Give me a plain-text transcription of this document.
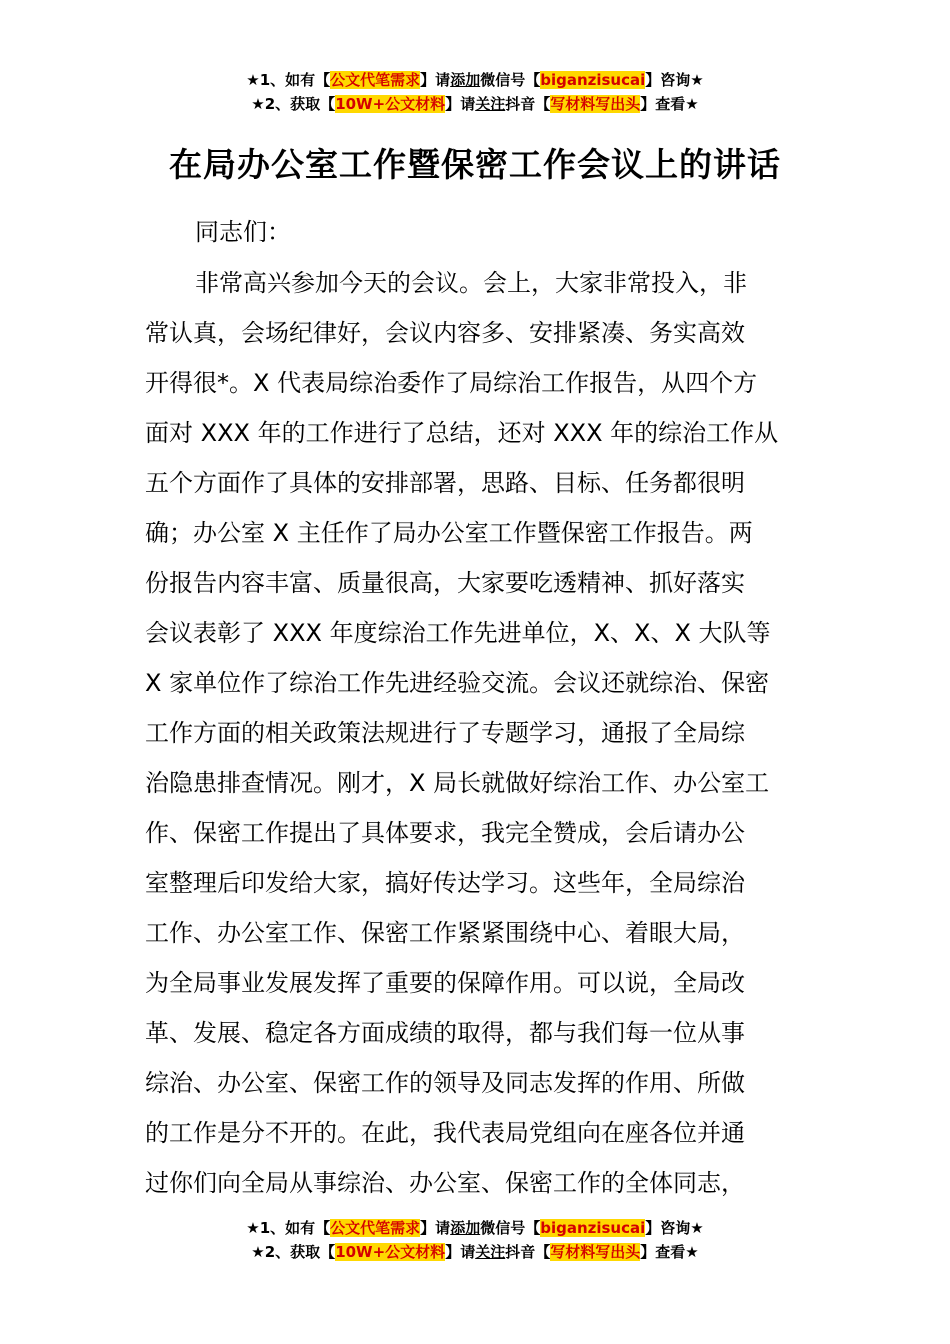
★1、如有【公文代笔需求】请添加微信号【biganzisucai】咨询★
★2、获取【10W+公文材料】请关注抖音【写材料写出头】查看★
在局办公室工作暨保密工作会议上的讲话
同志们：
非常高兴参加今天的会议。会上，大家非常投入，非
常认真，会场纪律好，会议内容多、安排紧凑、务实高效
开得很*。X 代表局综治委作了局综治工作报告，从四个方
面对 XXX 年的工作进行了总结，还对 XXX 年的综治工作从
五个方面作了具体的安排部署，思路、目标、任务都很明
确；办公室 X 主任作了局办公室工作暨保密工作报告。两
份报告内容丰富、质量很高，大家要吃透精神、抓好落实
会议表彰了 XXX 年度综治工作先进单位，X、X、X 大队等
X 家单位作了综治工作先进经验交流。会议还就综治、保密
工作方面的相关政策法规进行了专题学习，通报了全局综
治隐患排查情况。刚才，X 局长就做好综治工作、办公室工
作、保密工作提出了具体要求，我完全赞成，会后请办公
室整理后印发给大家，搞好传达学习。这些年，全局综治
工作、办公室工作、保密工作紧紧围绕中心、着眼大局，
为全局事业发展发挥了重要的保障作用。可以说，全局改
革、发展、稳定各方面成绩的取得，都与我们每一位从事
综治、办公室、保密工作的领导及同志发挥的作用、所做
的工作是分不开的。在此，我代表局党组向在座各位并通
过你们向全局从事综治、办公室、保密工作的全体同志，
★1、如有【公文代笔需求】请添加微信号【biganzisucai】咨询★
★2、获取【10W+公文材料】请关注抖音【写材料写出头】查看★
